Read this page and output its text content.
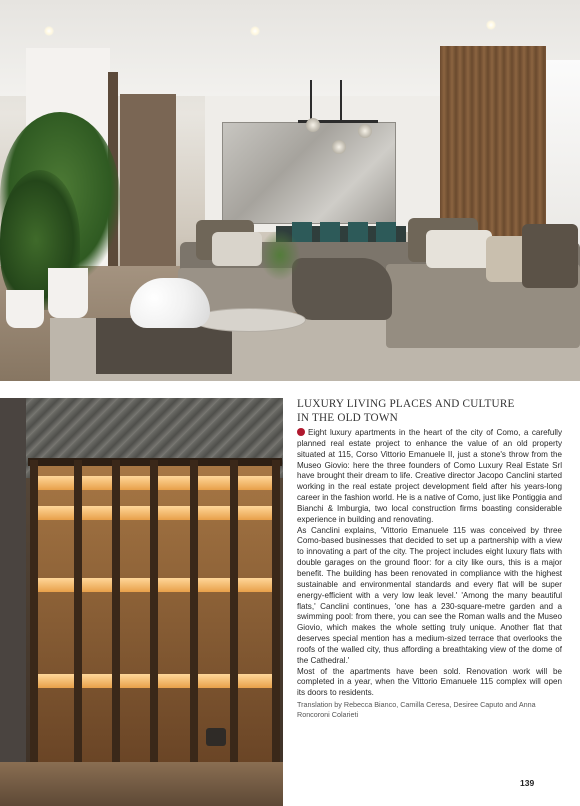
LUXURY LIVING PLACES AND CULTURE
IN THE OLD TOWN

Eight luxury apartments in the heart of the city of Como, a carefully planned real estate project to enhance the value of an old property situated at 115, Corso Vittorio Emanuele II, just a stone's throw from the Museo Giovio: here the three founders of Como Luxury Real Estate Srl have brought their dream to life. Creative director Jacopo Canclini started working in the real estate project development field after his years-long career in the fashion world. He is a native of Como, just like Pontiggia and Bianchi & Imburgia, two local construction firms boasting considerable experience in building and renovating.

As Canclini explains, 'Vittorio Emanuele 115 was conceived by three Como-based businesses that decided to set up a partnership with a view to innovating a part of the city. The project includes eight luxury flats with double garages on the ground floor: for a city like ours, this is a major benefit. The building has been renovated in compliance with the highest sustainable and environmental standards and every flat will be super energy-efficient with a very low leak level.' 'Among the many beautiful flats,' Canclini continues, 'one has a 230-square-metre garden and a swimming pool: from there, you can see the Roman walls and the Museo Giovio, which makes the whole setting truly unique. Another flat that deserves special mention has a medium-sized terrace that overlooks the roofs of the walled city, thus affording a breathtaking view of the dome of the Cathedral.'

Most of the apartments have been sold. Renovation work will be completed in a year, when the Vittorio Emanuele 115 complex will open its doors to residents.

Translation by Rebecca Bianco, Camilla Ceresa, Desiree Caputo and Anna Roncoroni Colarieti
139
